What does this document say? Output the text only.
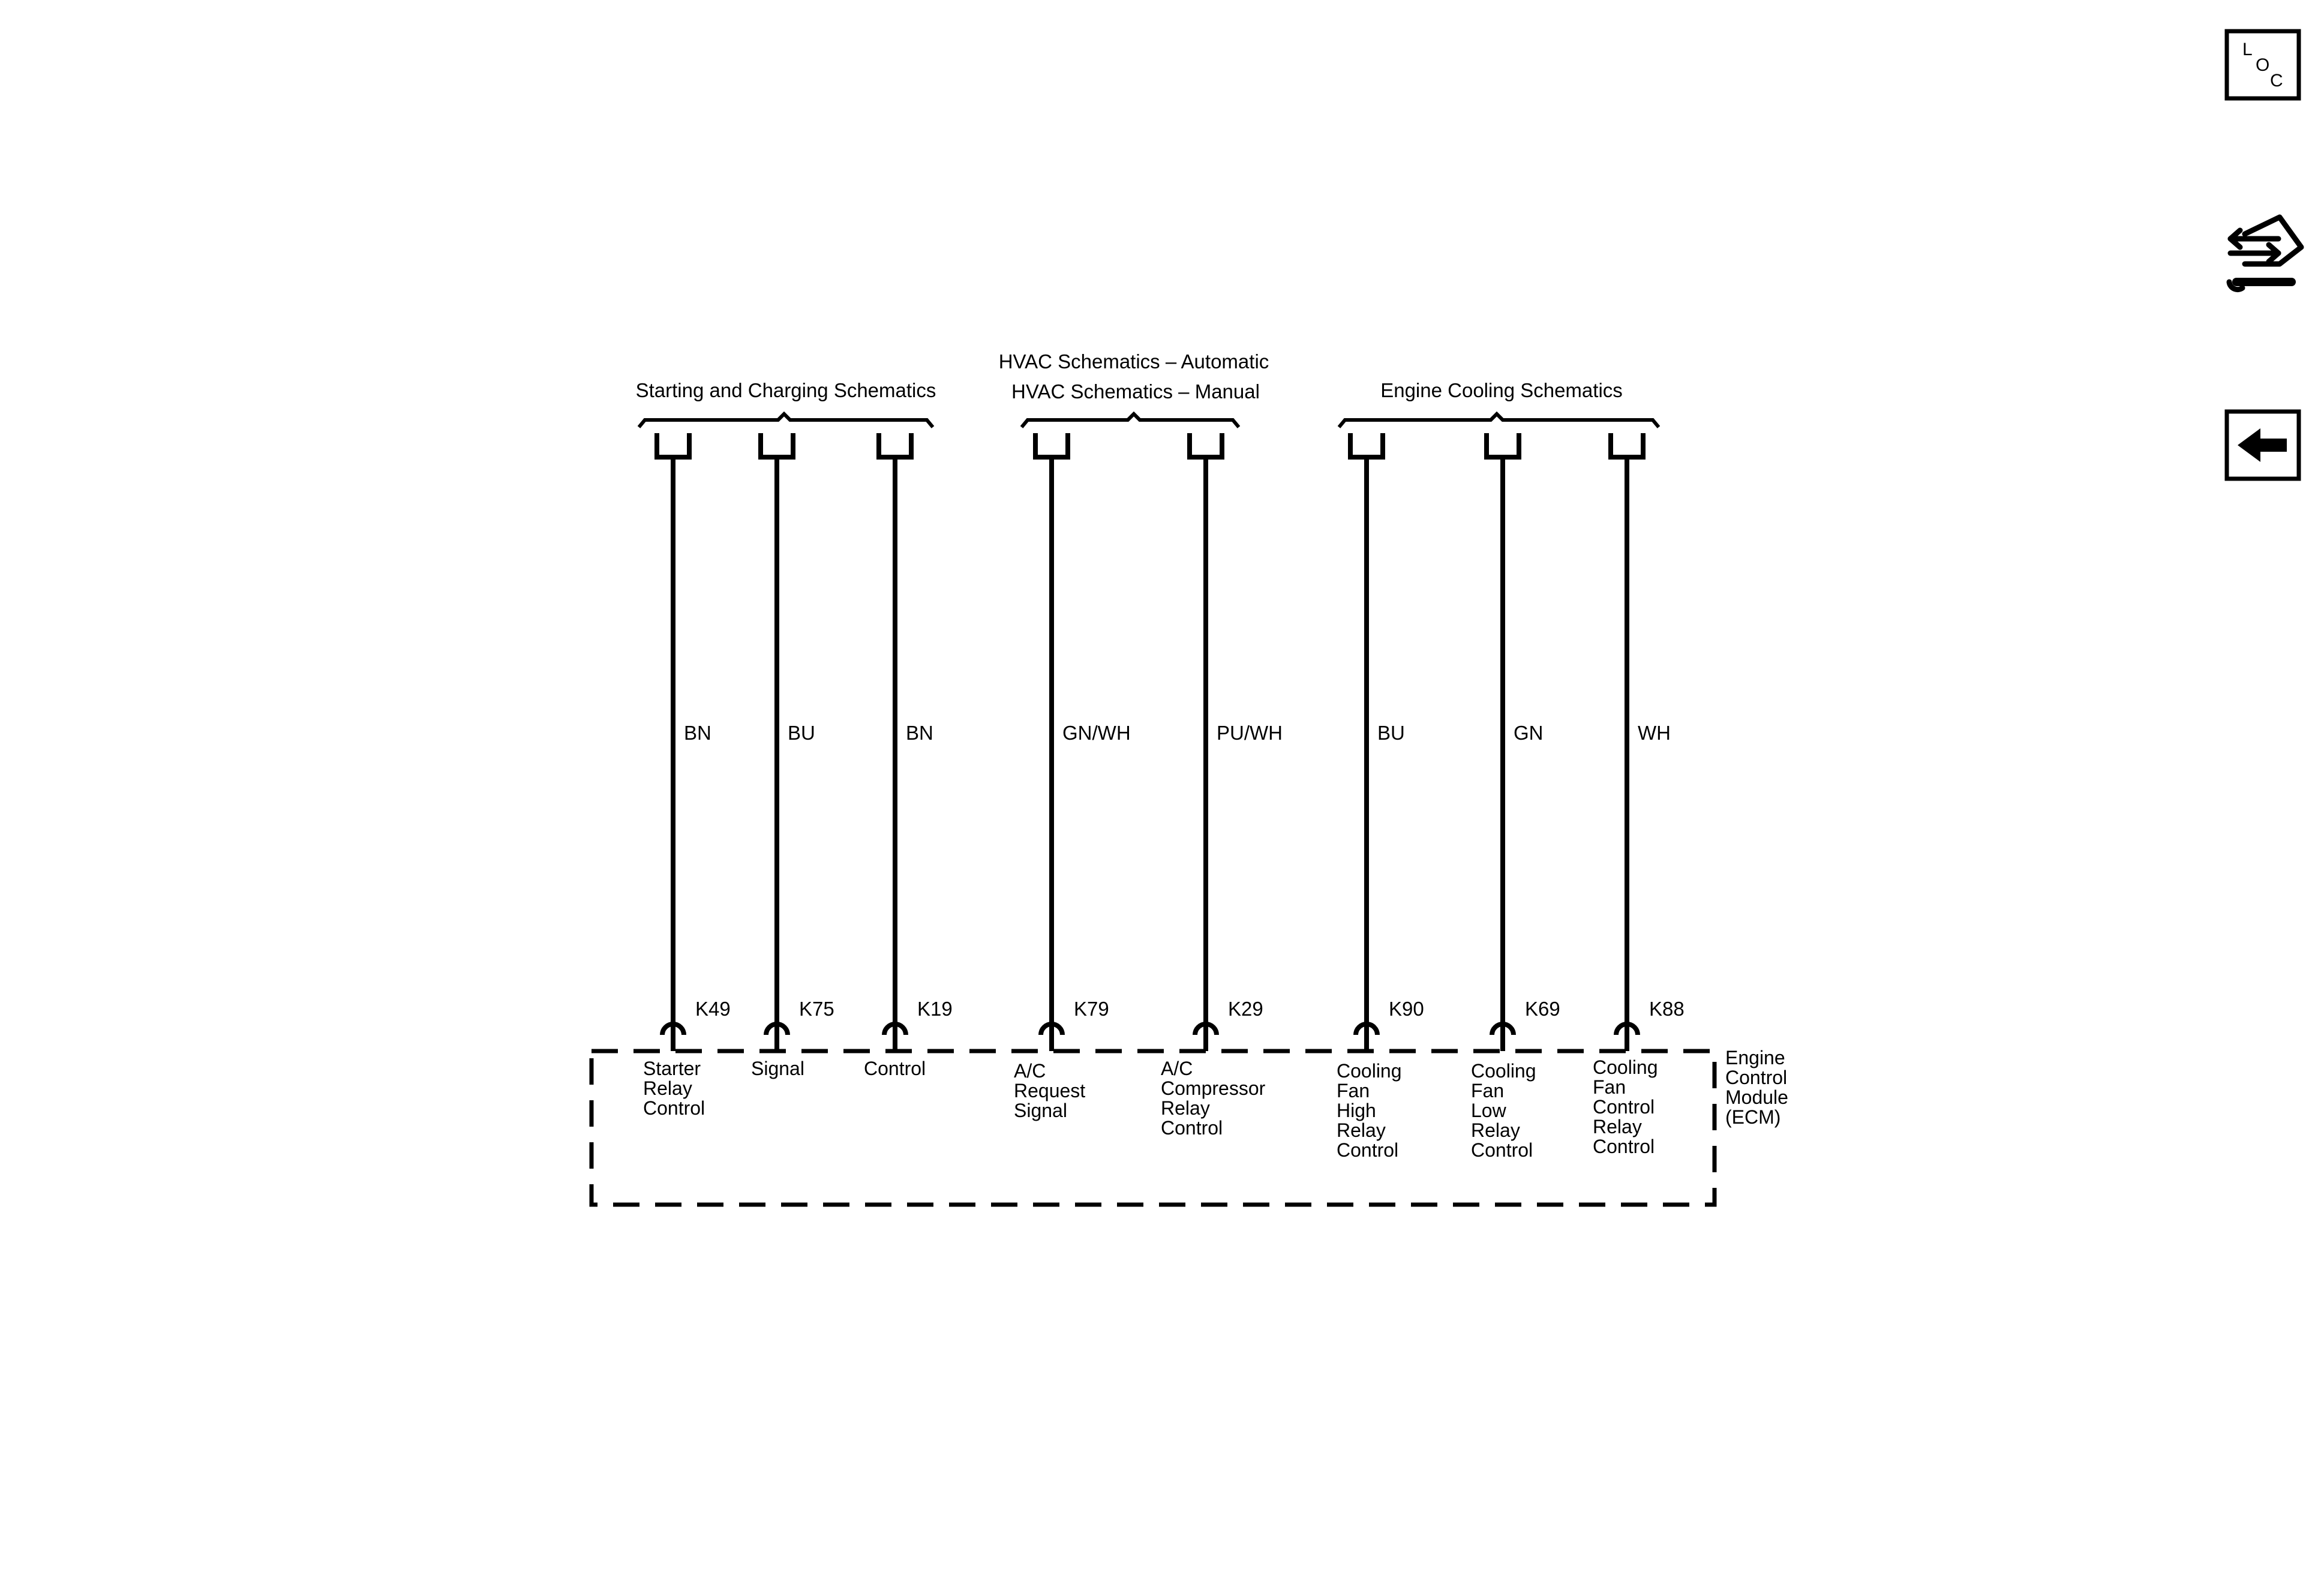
Starting and Charging Schematics
HVAC Schematics – Automatic
HVAC Schematics – Manual	Engine Cooling Schematics
BN
K49
Starter Relay Control
BU
K75
Signal
BN
K19
Control
GN/WH
K79
A/C Request Signal
PU/WH
K29
A/C Compressor Relay Control
BU
K90
Cooling Fan High Relay Control
GN
K69
Cooling Fan Low Relay Control
WH
K88
Cooling Fan Control Relay Control
Engine Control Module (ECM)
L
O
C
